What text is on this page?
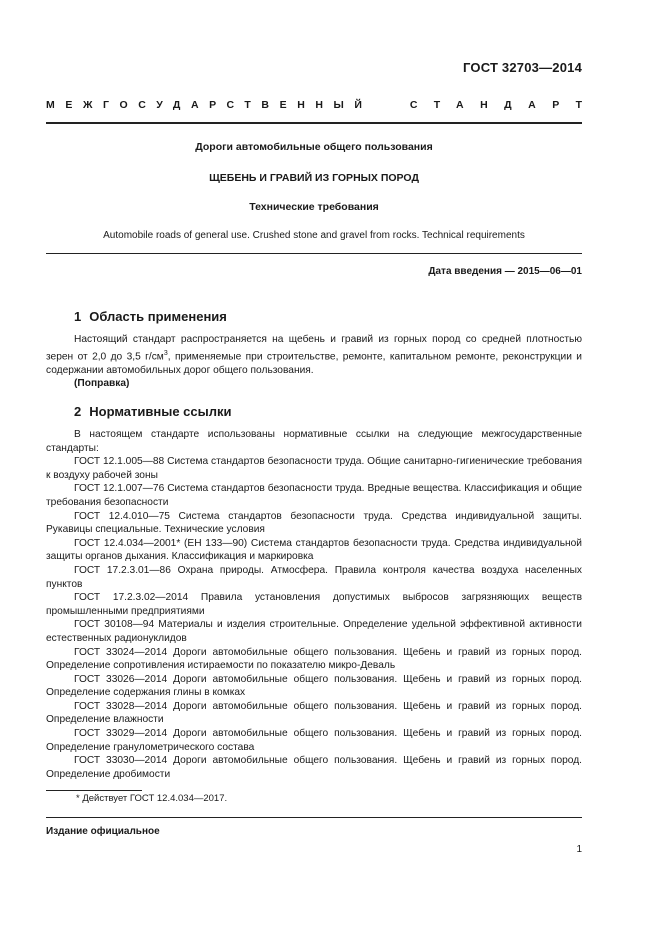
ГОСТ 32703—2014
МЕЖГОСУДАРСТВЕННЫЙ	СТАНДАРТ

Дороги автомобильные общего пользования

ЩЕБЕНЬ И ГРАВИЙ ИЗ ГОРНЫХ ПОРОД

Технические требования

Automobile roads of general use. Crushed stone and gravel from rocks. Technical requirements

Дата введения — 2015—06—01
1 Область применения

Настоящий стандарт распространяется на щебень и гравий из горных пород со средней плотностью зерен от 2,0 до 3,5 $г/см^3$, применяемые при строительстве, ремонте, капитальном ремонте, реконструкции и содержании автомобильных дорог общего пользования.

(Поправка)

2 Нормативные ссылки

В настоящем стандарте использованы нормативные ссылки на следующие межгосударственные стандарты:

ГОСТ 12.1.005—88 Система стандартов безопасности труда. Общие санитарно-гигиенические требования к воздуху рабочей зоны

ГОСТ 12.1.007—76 Система стандартов безопасности труда. Вредные вещества. Классификация и общие требования безопасности

ГОСТ 12.4.010—75 Система стандартов безопасности труда. Средства индивидуальной защиты. Рукавицы специальные. Технические условия

ГОСТ 12.4.034—2001* (ЕН 133—90) Система стандартов безопасности труда. Средства индивидуальной защиты органов дыхания. Классификация и маркировка

ГОСТ 17.2.3.01—86 Охрана природы. Атмосфера. Правила контроля качества воздуха населенных пунктов

ГОСТ 17.2.3.02—2014 Правила установления допустимых выбросов загрязняющих веществ промышленными предприятиями

ГОСТ 30108—94 Материалы и изделия строительные. Определение удельной эффективной активности естественных радионуклидов

ГОСТ 33024—2014 Дороги автомобильные общего пользования. Щебень и гравий из горных пород. Определение сопротивления истираемости по показателю микро-Деваль

ГОСТ 33026—2014 Дороги автомобильные общего пользования. Щебень и гравий из горных пород. Определение содержания глины в комках

ГОСТ 33028—2014 Дороги автомобильные общего пользования. Щебень и гравий из горных пород. Определение влажности

ГОСТ 33029—2014 Дороги автомобильные общего пользования. Щебень и гравий из горных пород. Определение гранулометрического состава

ГОСТ 33030—2014 Дороги автомобильные общего пользования. Щебень и гравий из горных пород. Определение дробимости

* Действует ГОСТ 12.4.034—2017.
Издание официальное
1
